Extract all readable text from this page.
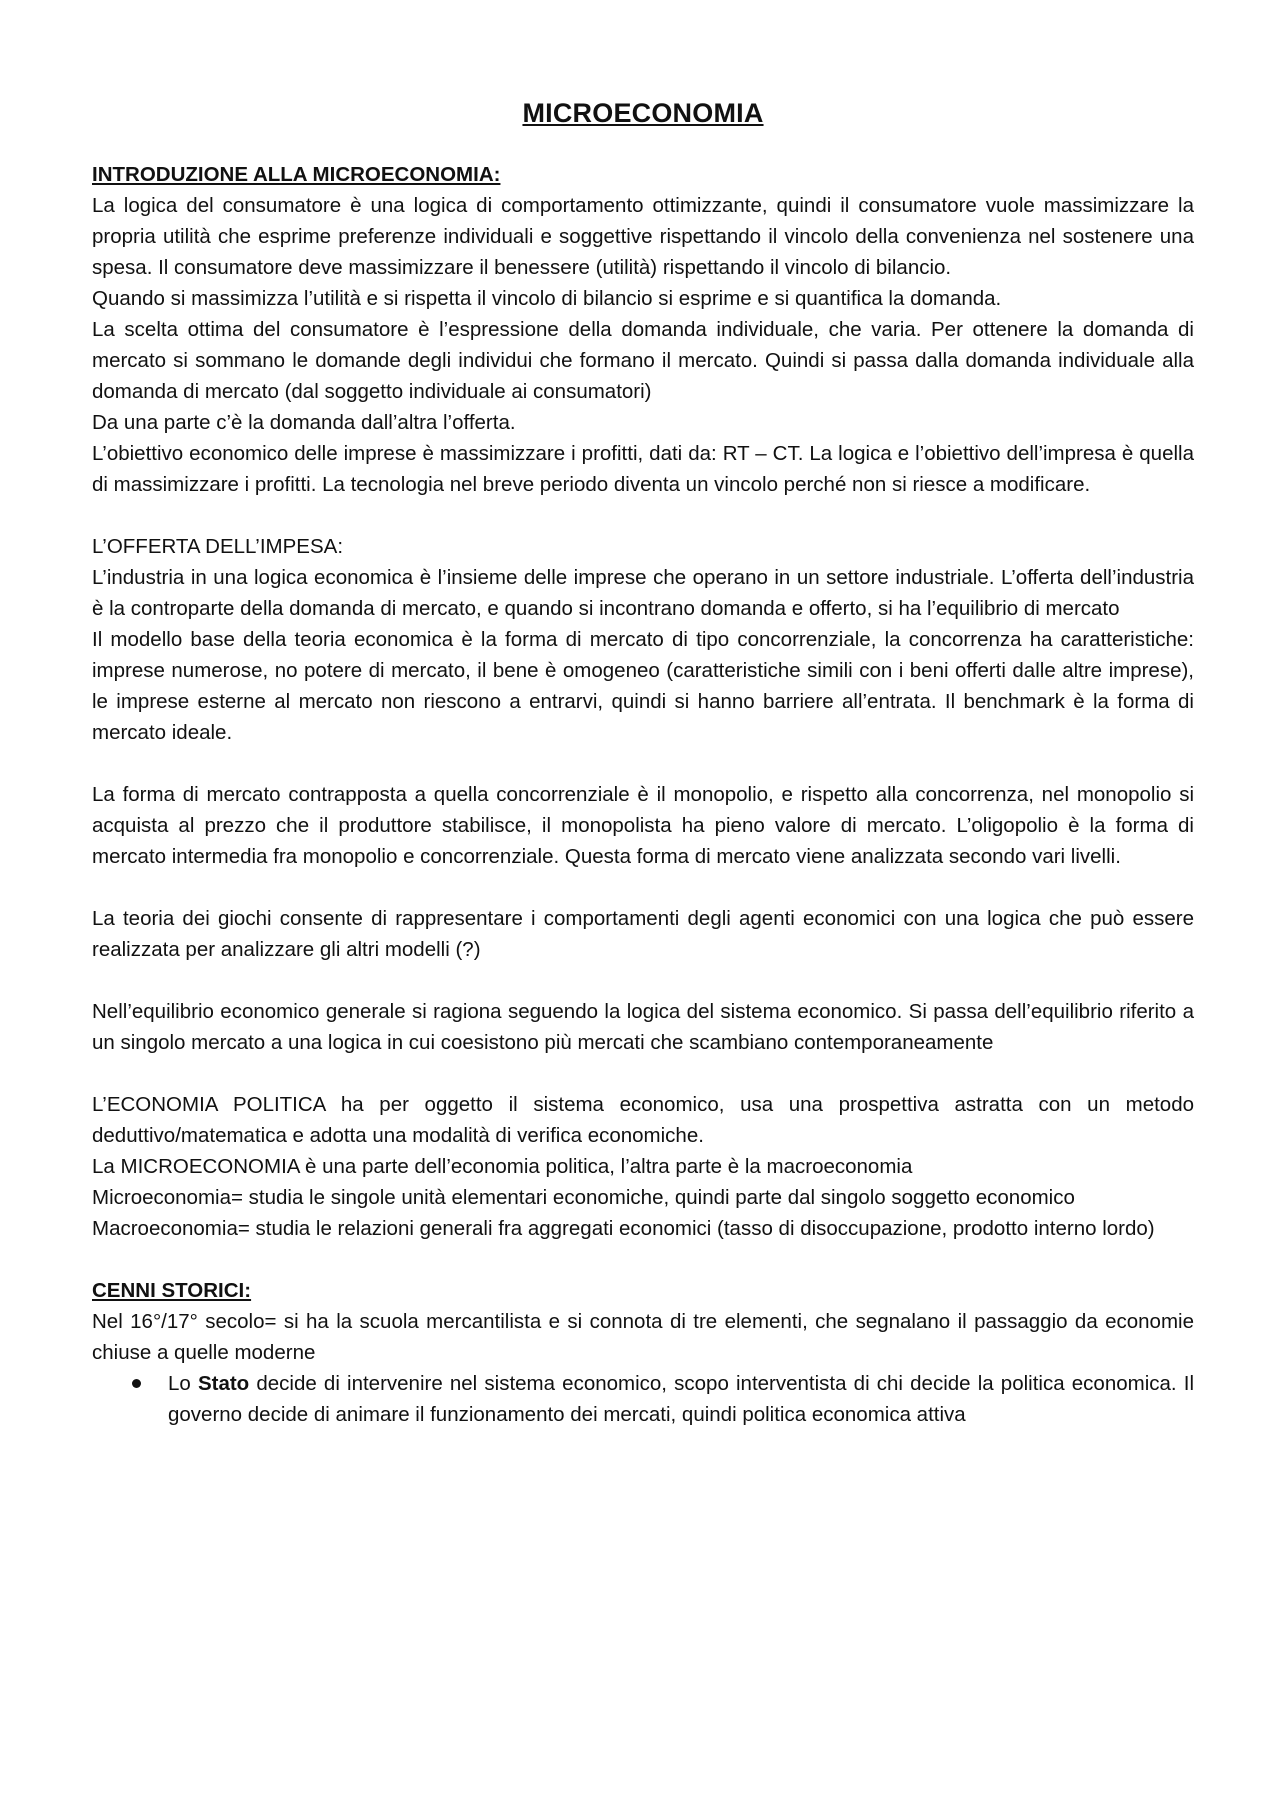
MICROECONOMIA

INTRODUZIONE ALLA MICROECONOMIA:

La logica del consumatore è una logica di comportamento ottimizzante, quindi il consumatore vuole massimizzare la propria utilità che esprime preferenze individuali e soggettive rispettando il vincolo della convenienza nel sostenere una spesa. Il consumatore deve massimizzare il benessere (utilità) rispettando il vincolo di bilancio.

Quando si massimizza l’utilità e si rispetta il vincolo di bilancio si esprime e si quantifica la domanda.

La scelta ottima del consumatore è l’espressione della domanda individuale, che varia. Per ottenere la domanda di mercato si sommano le domande degli individui che formano il mercato. Quindi si passa dalla domanda individuale alla domanda di mercato (dal soggetto individuale ai consumatori)

Da una parte c’è la domanda dall’altra l’offerta.

L’obiettivo economico delle imprese è massimizzare i profitti, dati da: RT – CT. La logica e l’obiettivo dell’impresa è quella di massimizzare i profitti. La tecnologia nel breve periodo diventa un vincolo perché non si riesce a modificare.

L’OFFERTA DELL’IMPESA:

L’industria in una logica economica è l’insieme delle imprese che operano in un settore industriale. L’offerta dell’industria è la controparte della domanda di mercato, e quando si incontrano domanda e offerto, si ha l’equilibrio di mercato

Il modello base della teoria economica è la forma di mercato di tipo concorrenziale, la concorrenza ha caratteristiche: imprese numerose, no potere di mercato, il bene è omogeneo (caratteristiche simili con i beni offerti dalle altre imprese), le imprese esterne al mercato non riescono a entrarvi, quindi si hanno barriere all’entrata. Il benchmark è la forma di mercato ideale.

La forma di mercato contrapposta a quella concorrenziale è il monopolio, e rispetto alla concorrenza, nel monopolio si acquista al prezzo che il produttore stabilisce, il monopolista ha pieno valore di mercato. L’oligopolio è la forma di mercato intermedia fra monopolio e concorrenziale. Questa forma di mercato viene analizzata secondo vari livelli.

La teoria dei giochi consente di rappresentare i comportamenti degli agenti economici con una logica che può essere realizzata per analizzare gli altri modelli (?)

Nell’equilibrio economico generale si ragiona seguendo la logica del sistema economico. Si passa dell’equilibrio riferito a un singolo mercato a una logica in cui coesistono più mercati che scambiano contemporaneamente

L’ECONOMIA POLITICA ha per oggetto il sistema economico, usa una prospettiva astratta con un metodo deduttivo/matematica e adotta una modalità di verifica economiche.

La MICROECONOMIA è una parte dell’economia politica, l’altra parte è la macroeconomia

Microeconomia= studia le singole unità elementari economiche, quindi parte dal singolo soggetto economico

Macroeconomia= studia le relazioni generali fra aggregati economici (tasso di disoccupazione, prodotto interno lordo)

CENNI STORICI:

Nel 16°/17° secolo= si ha la scuola mercantilista e si connota di tre elementi, che segnalano il passaggio da economie chiuse a quelle moderne

Lo Stato decide di intervenire nel sistema economico, scopo interventista di chi decide la politica economica. Il governo decide di animare il funzionamento dei mercati, quindi politica economica attiva
